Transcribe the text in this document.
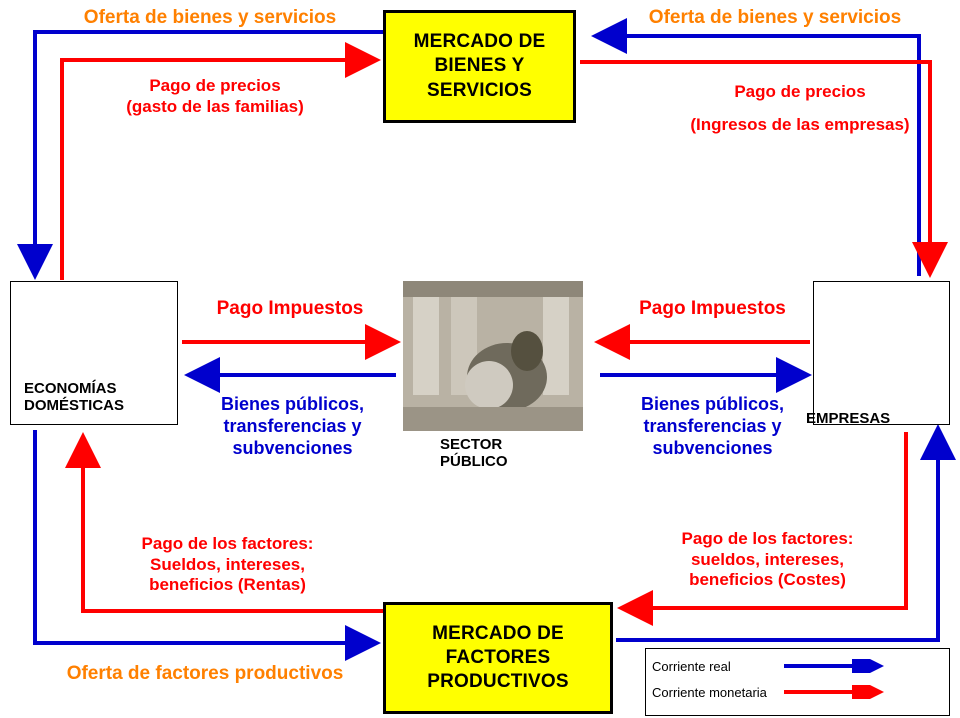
MERCADO DE
BIENES Y
SERVICIOS
MERCADO DE
FACTORES
PRODUCTIVOS
ECONOMÍAS
DOMÉSTICAS
EMPRESAS
SECTOR
PÚBLICO
Oferta de bienes y servicios	Oferta de bienes y servicios
Pago de precios
(gasto de las familias)
Pago de precios
(Ingresos de las empresas)
Pago Impuestos	Pago Impuestos
Bienes públicos,
transferencias y
subvenciones
Bienes públicos,
transferencias y
subvenciones
Pago de los factores:
Sueldos, intereses,
beneficios (Rentas)
Pago de los factores:
sueldos, intereses,
beneficios (Costes)
Oferta de factores productivos	Corriente real
Corriente monetaria
